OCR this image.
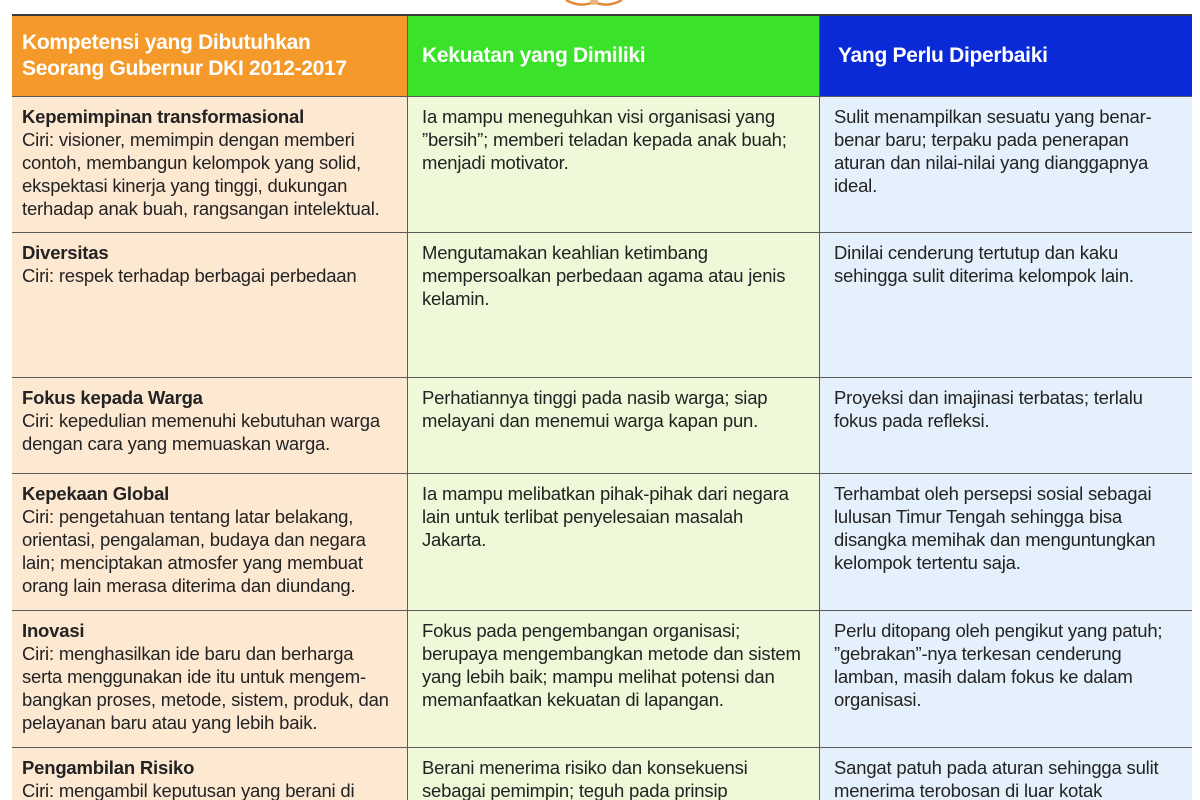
Kompetensi yang Dibutuhkan Seorang Gubernur DKI 2012-2017
Kekuatan yang Dimiliki	Yang Perlu Diperbaiki
Kepemimpinan transformasional
Ciri: visioner, memimpin dengan memberi contoh, membangun kelompok yang solid, ekspektasi kinerja yang tinggi, dukungan terhadap anak buah, rangsangan intelektual.
Ia mampu meneguhkan visi organisasi yang ”bersih”; memberi teladan kepada anak buah; menjadi motivator.
Sulit menampilkan sesuatu yang benar-benar baru; terpaku pada penerapan aturan dan nilai-nilai yang dianggapnya ideal.
Diversitas
Ciri: respek terhadap berbagai perbedaan
Mengutamakan keahlian ketimbang mempersoalkan perbedaan agama atau jenis kelamin.
Dinilai cenderung tertutup dan kaku sehingga sulit diterima kelompok lain.
Fokus kepada Warga
Ciri: kepedulian memenuhi kebutuhan warga dengan cara yang memuaskan warga.
Perhatiannya tinggi pada nasib warga; siap melayani dan menemui warga kapan pun.
Proyeksi dan imajinasi terbatas; terlalu fokus pada refleksi.
Kepekaan Global
Ciri: pengetahuan tentang latar belakang, orientasi, pengalaman, budaya dan negara lain; menciptakan atmosfer yang membuat orang lain merasa diterima dan diundang.
Ia mampu melibatkan pihak-pihak dari negara lain untuk terlibat penyelesaian masalah Jakarta.
Terhambat oleh persepsi sosial sebagai lulusan Timur Tengah sehingga bisa disangka memihak dan menguntungkan kelompok tertentu saja.
Inovasi
Ciri: menghasilkan ide baru dan berharga serta menggunakan ide itu untuk mengem-bangkan proses, metode, sistem, produk, dan pelayanan baru atau yang lebih baik.
Fokus pada pengembangan organisasi; berupaya mengembangkan metode dan sistem yang lebih baik; mampu melihat potensi dan memanfaatkan kekuatan di lapangan.
Perlu ditopang oleh pengikut yang patuh; ”gebrakan”-nya terkesan cenderung lamban, masih dalam fokus ke dalam organisasi.
Pengambilan Risiko
Ciri: mengambil keputusan yang berani di
Berani menerima risiko dan konsekuensi sebagai pemimpin; teguh pada prinsip
Sangat patuh pada aturan sehingga sulit menerima terobosan di luar kotak
